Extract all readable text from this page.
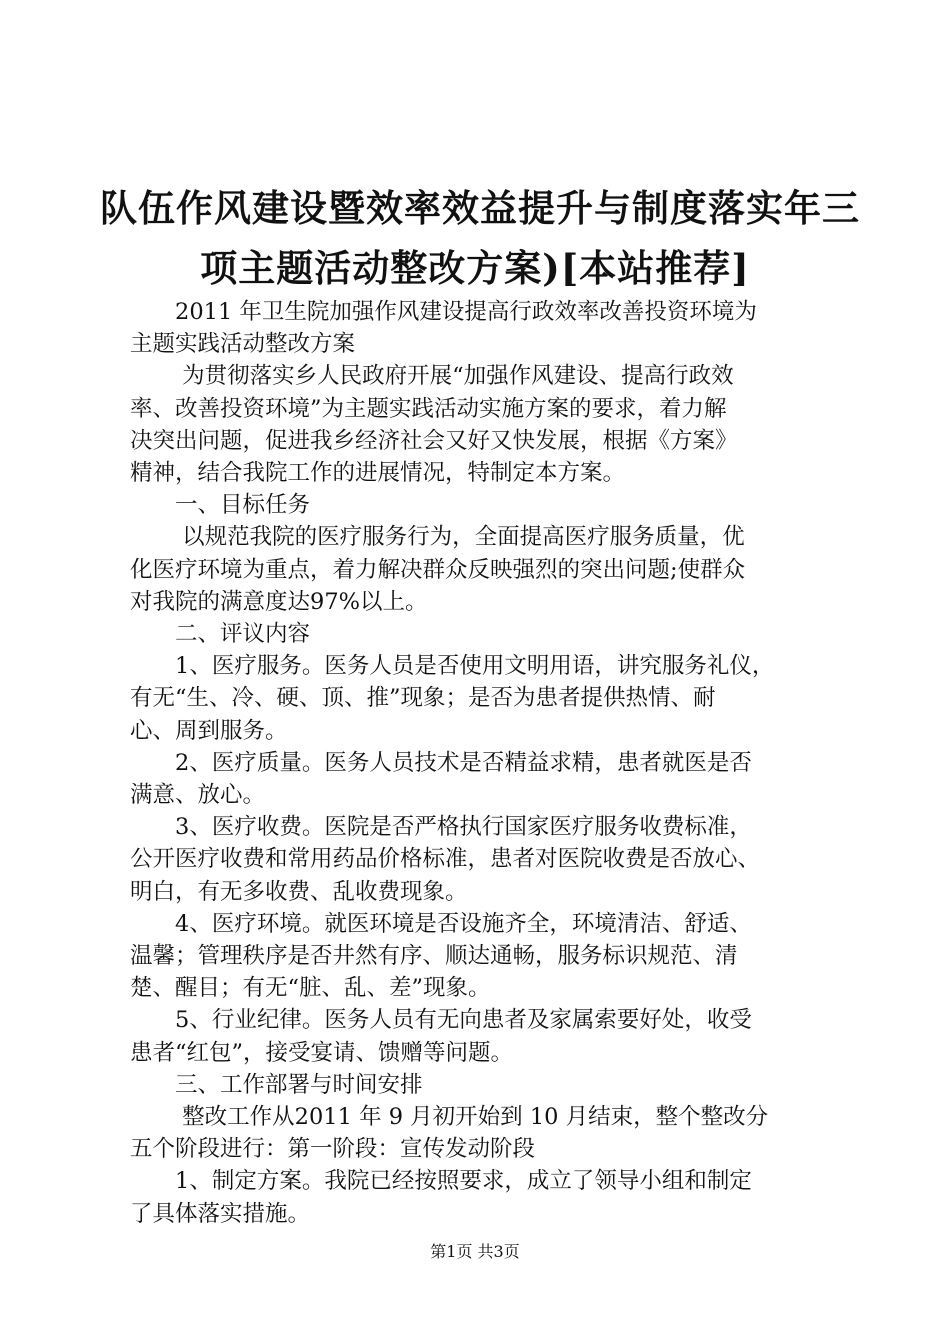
队伍作风建设暨效率效益提升与制度落实年三
项主题活动整改方案)[本站推荐]
　　2011 年卫生院加强作风建设提高行政效率改善投资环境为
主题实践活动整改方案
　　 为贯彻落实乡人民政府开展“加强作风建设、提高行政效
率、改善投资环境”为主题实践活动实施方案的要求，着力解
决突出问题，促进我乡经济社会又好又快发展，根据《方案》
精神，结合我院工作的进展情况，特制定本方案。
　　一、目标任务
　　 以规范我院的医疗服务行为，全面提高医疗服务质量，优
化医疗环境为重点，着力解决群众反映强烈的突出问题;使群众
对我院的满意度达97%以上。
　　二、评议内容
　　1、医疗服务。医务人员是否使用文明用语，讲究服务礼仪，
有无“生、冷、硬、顶、推”现象；是否为患者提供热情、耐
心、周到服务。
　　2、医疗质量。医务人员技术是否精益求精，患者就医是否
满意、放心。
　　3、医疗收费。医院是否严格执行国家医疗服务收费标准，
公开医疗收费和常用药品价格标准，患者对医院收费是否放心、
明白，有无多收费、乱收费现象。
　　4、医疗环境。就医环境是否设施齐全，环境清洁、舒适、
温馨；管理秩序是否井然有序、顺达通畅，服务标识规范、清
楚、醒目；有无“脏、乱、差”现象。
　　5、行业纪律。医务人员有无向患者及家属索要好处，收受
患者“红包”，接受宴请、馈赠等问题。
　　三、工作部署与时间安排
　　 整改工作从2011 年 9 月初开始到 10 月结束，整个整改分
五个阶段进行：第一阶段：宣传发动阶段
　　1、制定方案。我院已经按照要求，成立了领导小组和制定
了具体落实措施。
第1页 共3页
